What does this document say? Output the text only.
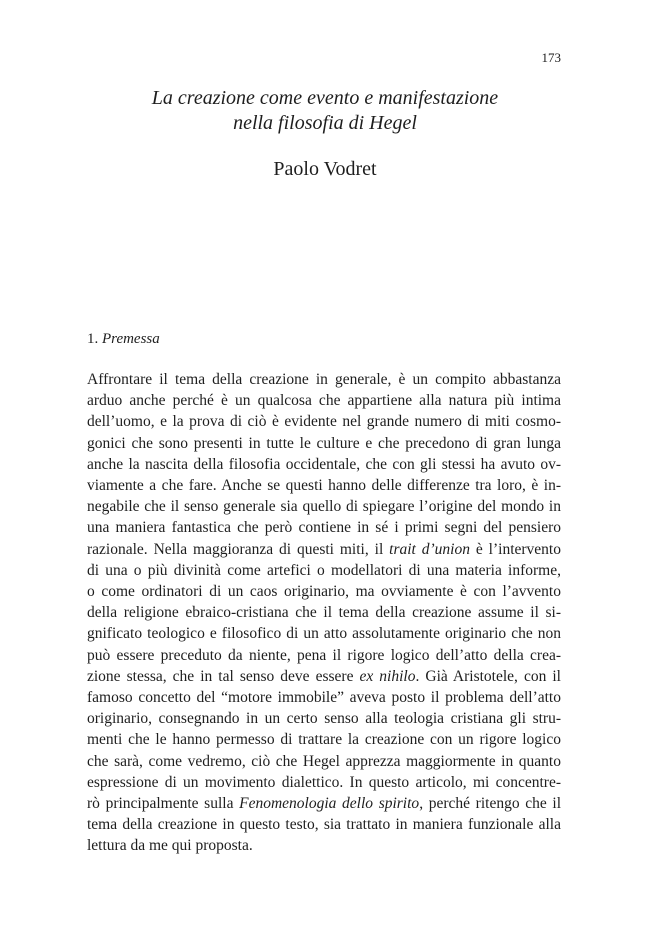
173
La creazione come evento e manifestazione
nella filosofia di Hegel
Paolo Vodret
1. Premessa
Affrontare il tema della creazione in generale, è un compito abbastanza
arduo anche perché è un qualcosa che appartiene alla natura più intima
dell’uomo, e la prova di ciò è evidente nel grande numero di miti cosmo-
gonici che sono presenti in tutte le culture e che precedono di gran lunga
anche la nascita della filosofia occidentale, che con gli stessi ha avuto ov-
viamente a che fare. Anche se questi hanno delle differenze tra loro, è in-
negabile che il senso generale sia quello di spiegare l’origine del mondo in
una maniera fantastica che però contiene in sé i primi segni del pensiero
razionale. Nella maggioranza di questi miti, il trait d’union è l’intervento
di una o più divinità come artefici o modellatori di una materia informe,
o come ordinatori di un caos originario, ma ovviamente è con l’avvento
della religione ebraico-cristiana che il tema della creazione assume il si-
gnificato teologico e filosofico di un atto assolutamente originario che non
può essere preceduto da niente, pena il rigore logico dell’atto della crea-
zione stessa, che in tal senso deve essere ex nihilo. Già Aristotele, con il
famoso concetto del “motore immobile” aveva posto il problema dell’atto
originario, consegnando in un certo senso alla teologia cristiana gli stru-
menti che le hanno permesso di trattare la creazione con un rigore logico
che sarà, come vedremo, ciò che Hegel apprezza maggiormente in quanto
espressione di un movimento dialettico. In questo articolo, mi concentre-
rò principalmente sulla Fenomenologia dello spirito, perché ritengo che il
tema della creazione in questo testo, sia trattato in maniera funzionale alla
lettura da me qui proposta.
